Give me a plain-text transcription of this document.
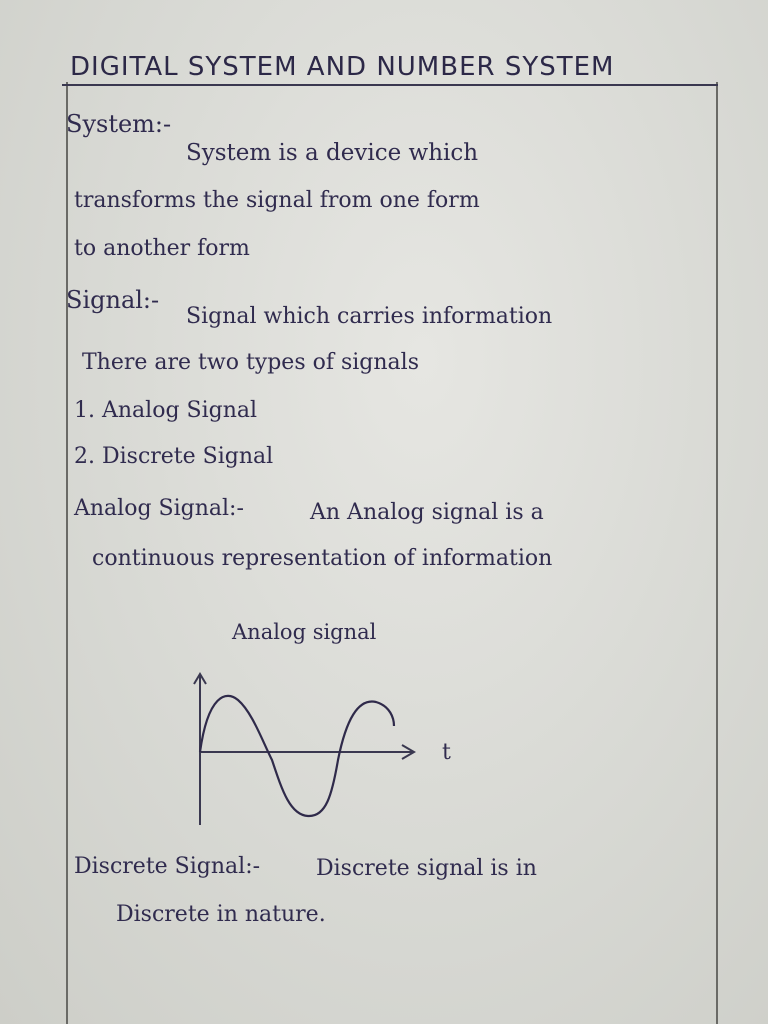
DIGITAL SYSTEM AND NUMBER SYSTEM
System:-
System is a device which
transforms the signal from one form
to another form
Signal:-
Signal which carries information
There are two types of signals
1. Analog Signal
2. Discrete Signal
Analog Signal:-	An Analog signal is a
continuous representation of information
Analog signal
t
Discrete Signal:-	Discrete signal is in
Discrete in nature.
